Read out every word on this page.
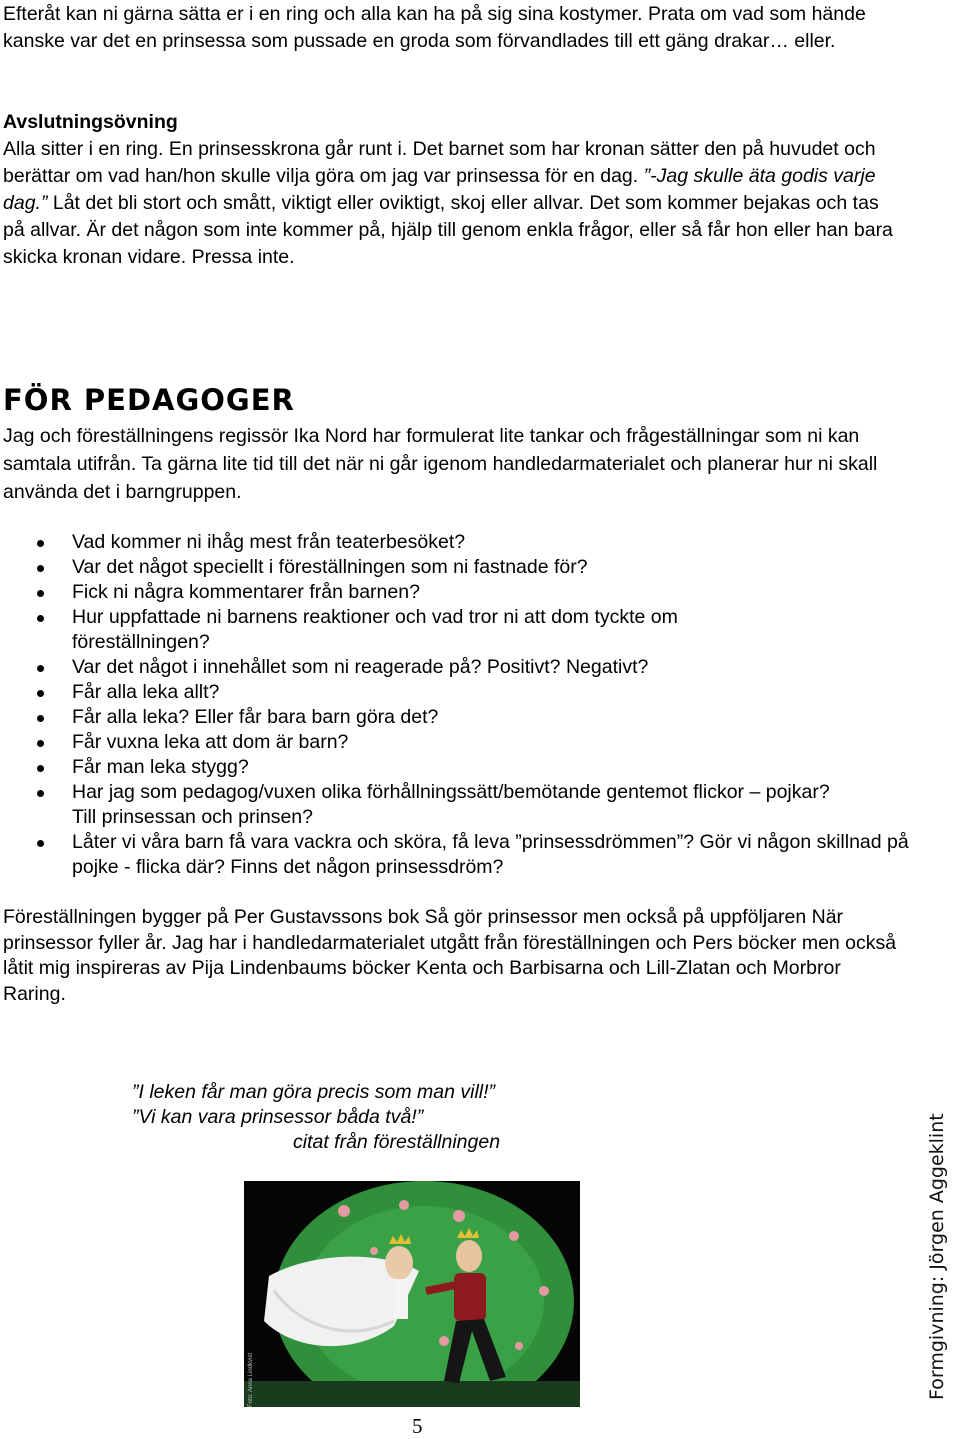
Efteråt kan ni gärna sätta er i en ring och alla kan ha på sig sina kostymer. Prata om vad som hände kanske var det en prinsessa som pussade en groda som förvandlades till ett gäng drakar… eller.
Avslutningsövning
Alla sitter i en ring. En prinsesskrona går runt i. Det barnet som har kronan sätter den på huvudet och berättar om vad han/hon skulle vilja göra om jag var prinsessa för en dag. ”-Jag skulle äta godis varje dag.” Låt det bli stort och smått, viktigt eller oviktigt, skoj eller allvar. Det som kommer bejakas och tas på allvar. Är det någon som inte kommer på, hjälp till genom enkla frågor, eller så får hon eller han bara skicka kronan vidare. Pressa inte.
FÖR PEDAGOGER
Jag och föreställningens regissör Ika Nord har formulerat lite tankar och frågeställningar som ni kan samtala utifrån. Ta gärna lite tid till det när ni går igenom handledarmaterialet och planerar hur ni skall använda det i barngruppen.
Vad kommer ni ihåg mest från teaterbesöket?
Var det något speciellt i föreställningen som ni fastnade för?
Fick ni några kommentarer från barnen?
Hur uppfattade ni barnens reaktioner och vad tror ni att dom tyckte om föreställningen?
Var det något i innehållet som ni reagerade på? Positivt? Negativt?
Får alla leka allt?
Får alla leka? Eller får bara barn göra det?
Får vuxna leka att dom är barn?
Får man leka stygg?
Har jag som pedagog/vuxen olika förhållningssätt/bemötande gentemot flickor – pojkar? Till prinsessan och prinsen?
Låter vi våra barn få vara vackra och sköra, få leva ”prinsessdrömmen”? Gör vi någon skillnad på pojke - flicka där? Finns det någon prinsessdröm?
Föreställningen bygger på Per Gustavssons bok Så gör prinsessor men också på uppföljaren När prinsessor fyller år. Jag har i handledarmaterialet utgått från föreställningen och Pers böcker men också låtit mig inspireras av Pija Lindenbaums böcker Kenta och Barbisarna och Lill-Zlatan och Morbror Raring.
”I leken får man göra precis som man vill!”
”Vi kan vara prinsessor båda två!”
citat från föreställningen
Foto: Anna Lindkvist	Formgivning: Jörgen Aggeklint
5
